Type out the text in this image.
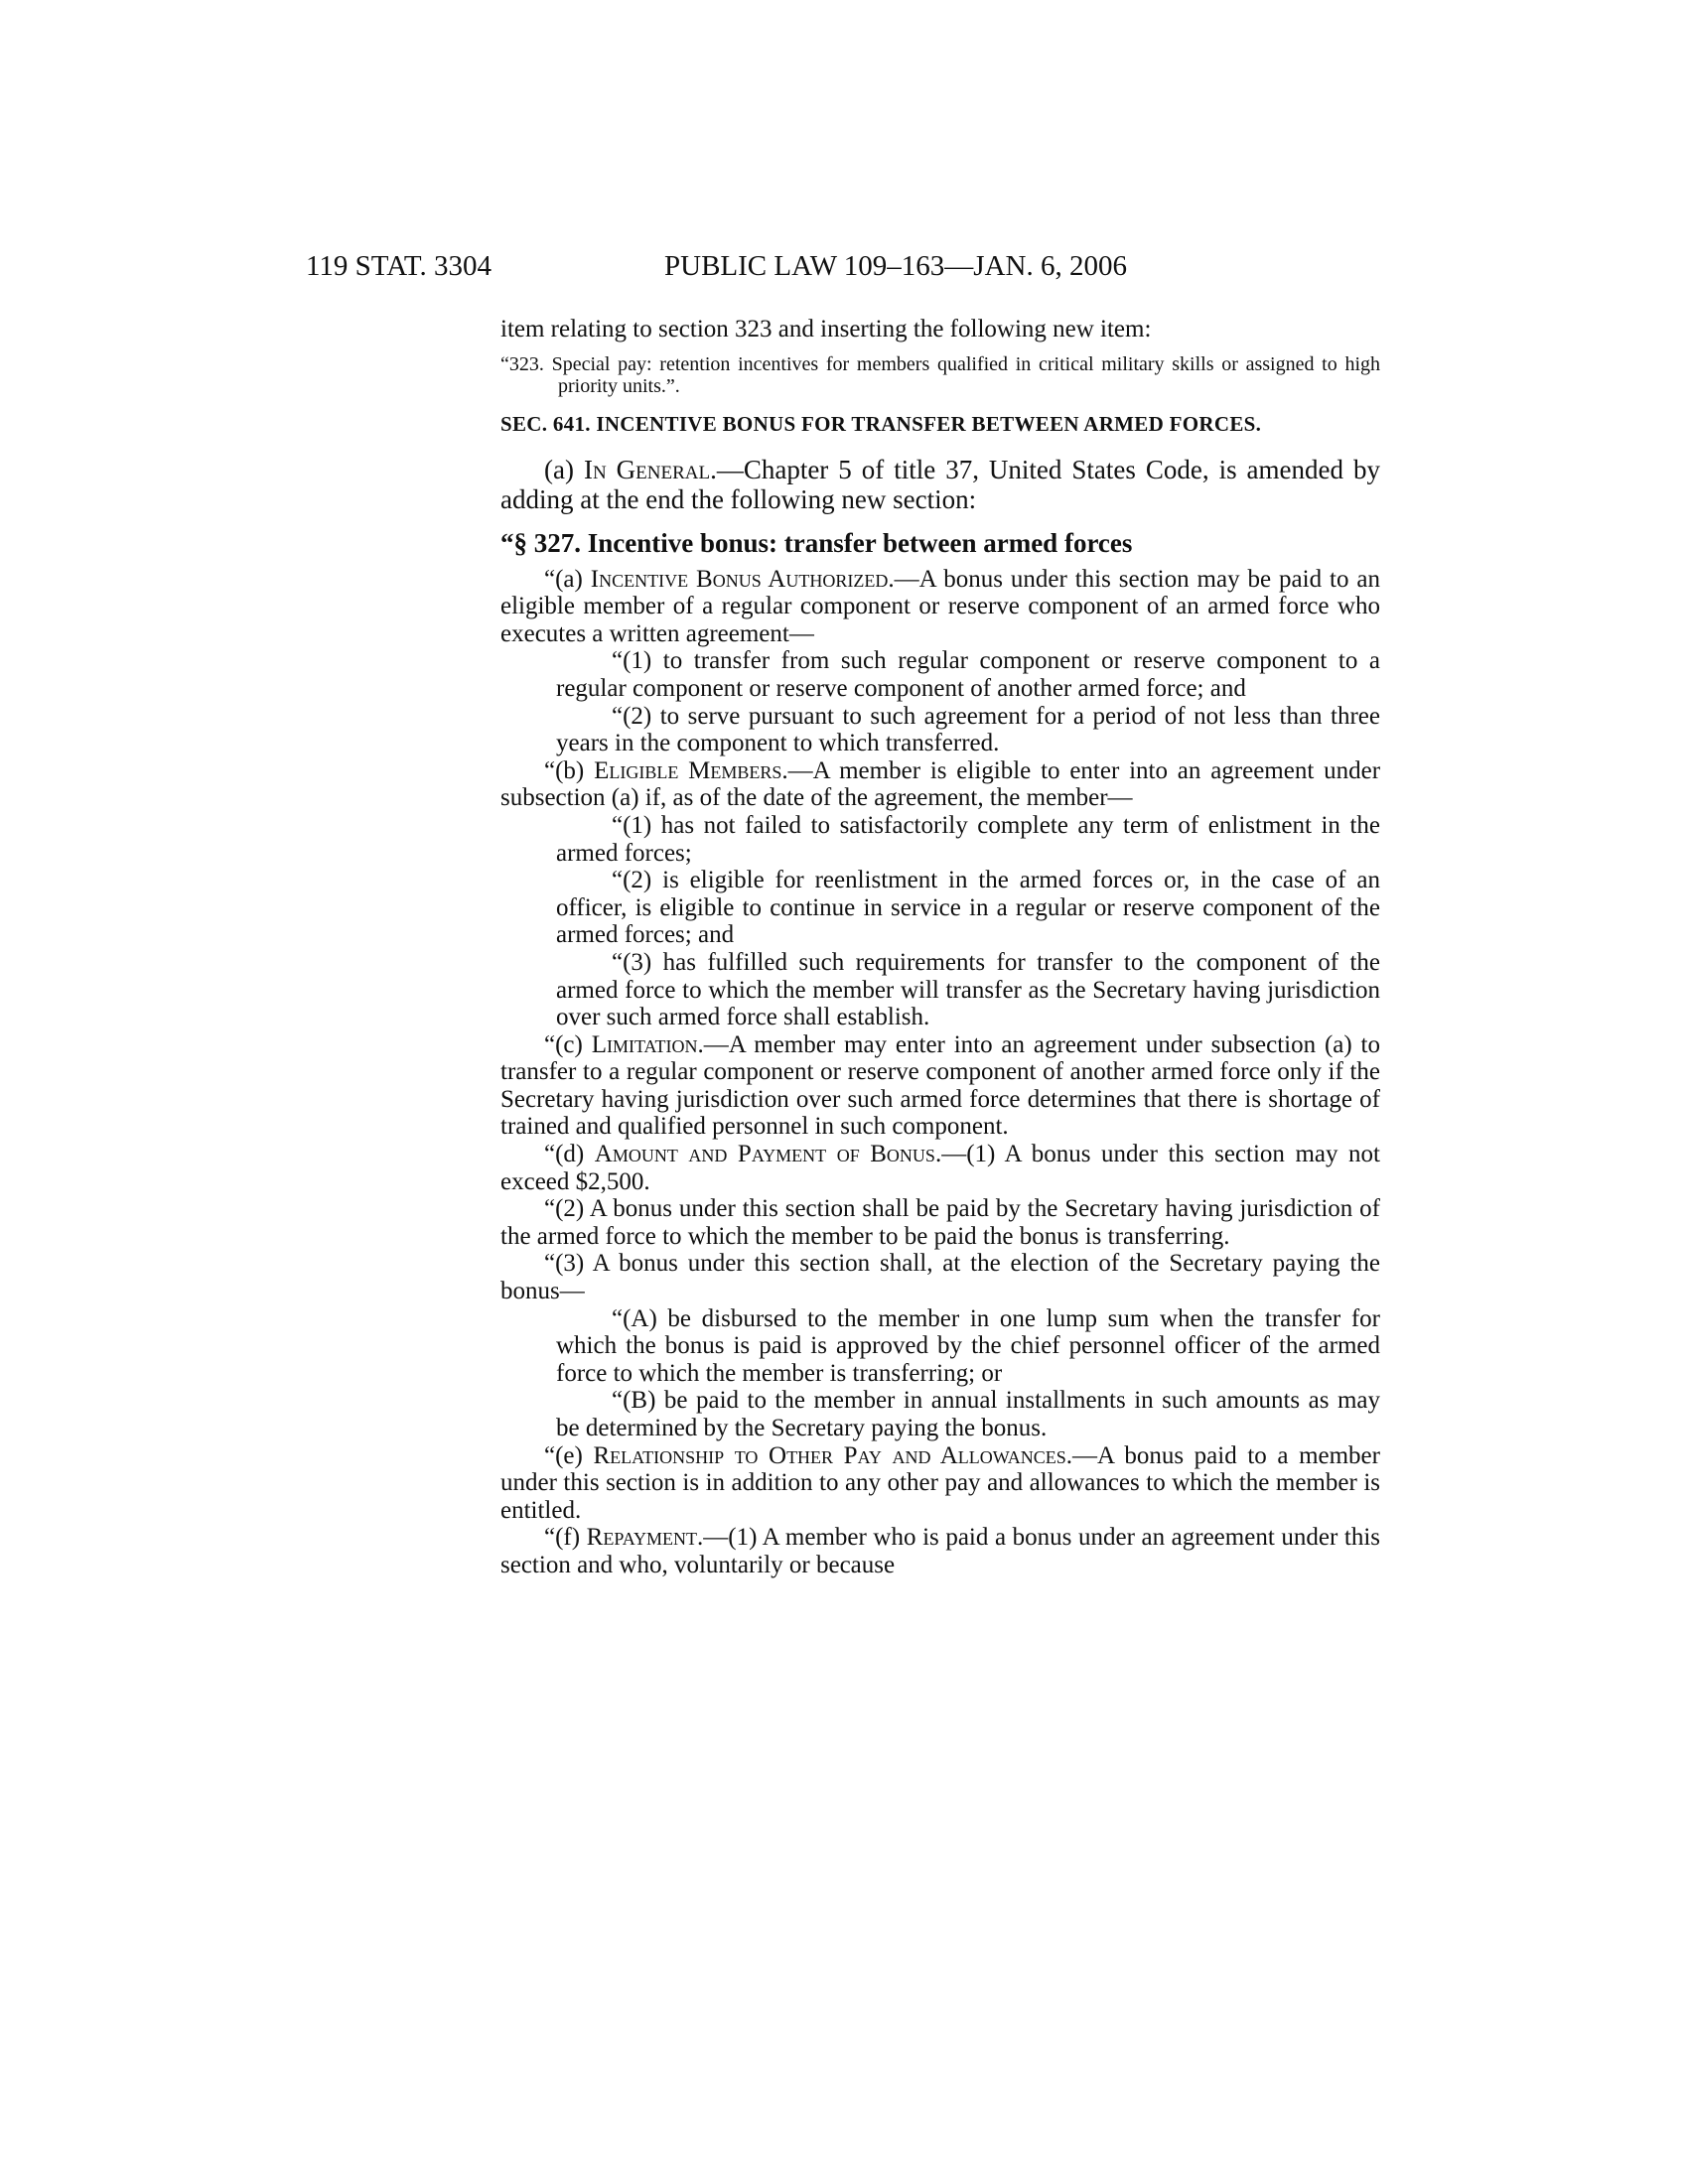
119 STAT. 3304	PUBLIC LAW 109–163—JAN. 6, 2006

item relating to section 323 and inserting the following new item:

“323. Special pay: retention incentives for members qualified in critical military skills or assigned to high priority units.”.

SEC. 641. INCENTIVE BONUS FOR TRANSFER BETWEEN ARMED FORCES.

(a) In General.—Chapter 5 of title 37, United States Code, is amended by adding at the end the following new section:

“§ 327. Incentive bonus: transfer between armed forces

“(a) Incentive Bonus Authorized.—A bonus under this section may be paid to an eligible member of a regular component or reserve component of an armed force who executes a written agreement—

“(1) to transfer from such regular component or reserve component to a regular component or reserve component of another armed force; and

“(2) to serve pursuant to such agreement for a period of not less than three years in the component to which transferred.

“(b) Eligible Members.—A member is eligible to enter into an agreement under subsection (a) if, as of the date of the agreement, the member—

“(1) has not failed to satisfactorily complete any term of enlistment in the armed forces;

“(2) is eligible for reenlistment in the armed forces or, in the case of an officer, is eligible to continue in service in a regular or reserve component of the armed forces; and

“(3) has fulfilled such requirements for transfer to the component of the armed force to which the member will transfer as the Secretary having jurisdiction over such armed force shall establish.

“(c) Limitation.—A member may enter into an agreement under subsection (a) to transfer to a regular component or reserve component of another armed force only if the Secretary having jurisdiction over such armed force determines that there is shortage of trained and qualified personnel in such component.

“(d) Amount and Payment of Bonus.—(1) A bonus under this section may not exceed $2,500.

“(2) A bonus under this section shall be paid by the Secretary having jurisdiction of the armed force to which the member to be paid the bonus is transferring.

“(3) A bonus under this section shall, at the election of the Secretary paying the bonus—

“(A) be disbursed to the member in one lump sum when the transfer for which the bonus is paid is approved by the chief personnel officer of the armed force to which the member is transferring; or

“(B) be paid to the member in annual installments in such amounts as may be determined by the Secretary paying the bonus.

“(e) Relationship to Other Pay and Allowances.—A bonus paid to a member under this section is in addition to any other pay and allowances to which the member is entitled.

“(f) Repayment.—(1) A member who is paid a bonus under an agreement under this section and who, voluntarily or because
